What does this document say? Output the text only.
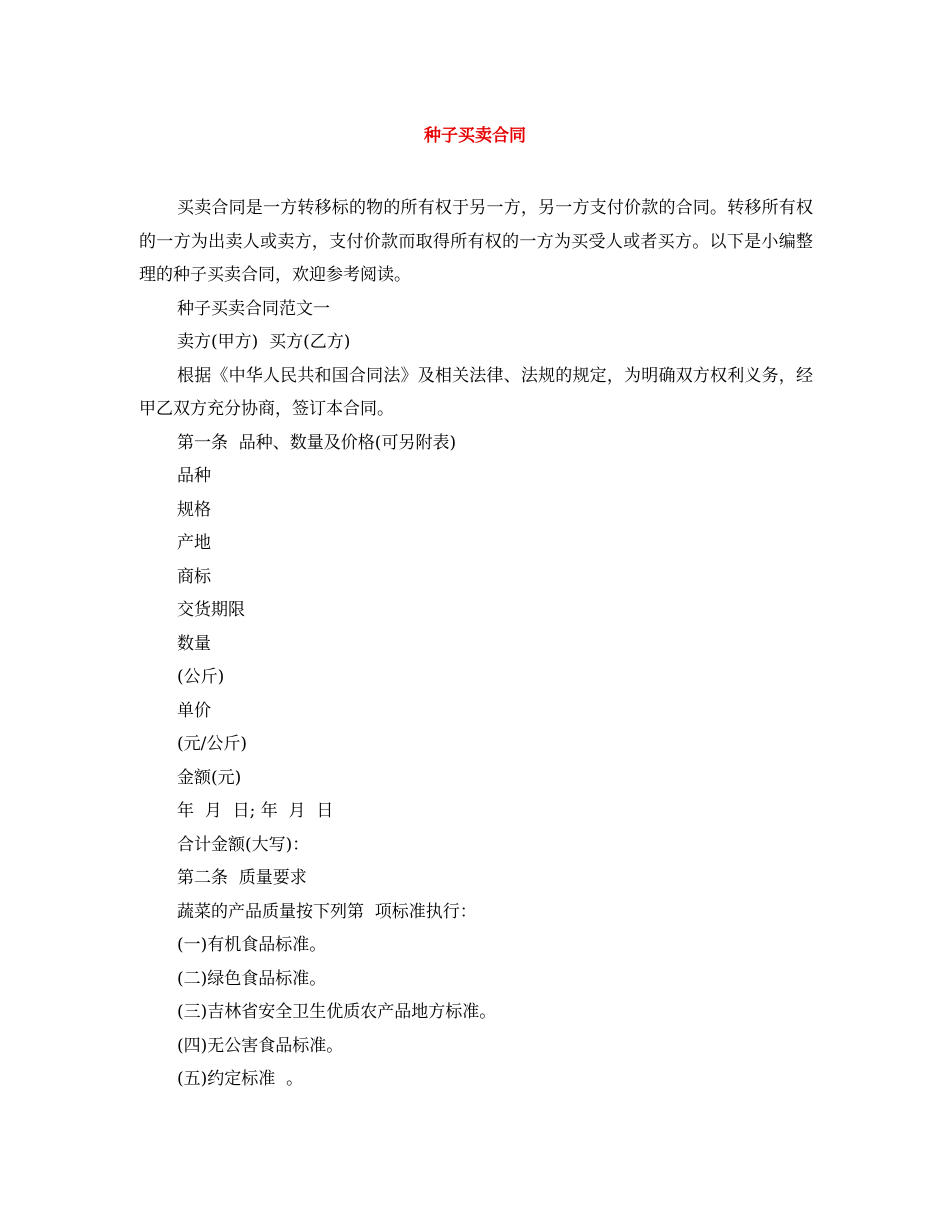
种子买卖合同

买卖合同是一方转移标的物的所有权于另一方，另一方支付价款的合同。转移所有权的一方为出卖人或卖方，支付价款而取得所有权的一方为买受人或者买方。以下是小编整理的种子买卖合同，欢迎参考阅读。

种子买卖合同范文一

卖方(甲方)  买方(乙方)

根据《中华人民共和国合同法》及相关法律、法规的规定，为明确双方权利义务，经甲乙双方充分协商，签订本合同。

第一条  品种、数量及价格(可另附表)

品种

规格

产地

商标

交货期限

数量

(公斤)

单价

(元/公斤)

金额(元)

年  月  日; 年  月  日

合计金额(大写)：

第二条  质量要求

蔬菜的产品质量按下列第  项标准执行：

(一)有机食品标准。

(二)绿色食品标准。

(三)吉林省安全卫生优质农产品地方标准。

(四)无公害食品标准。

(五)约定标准  。
